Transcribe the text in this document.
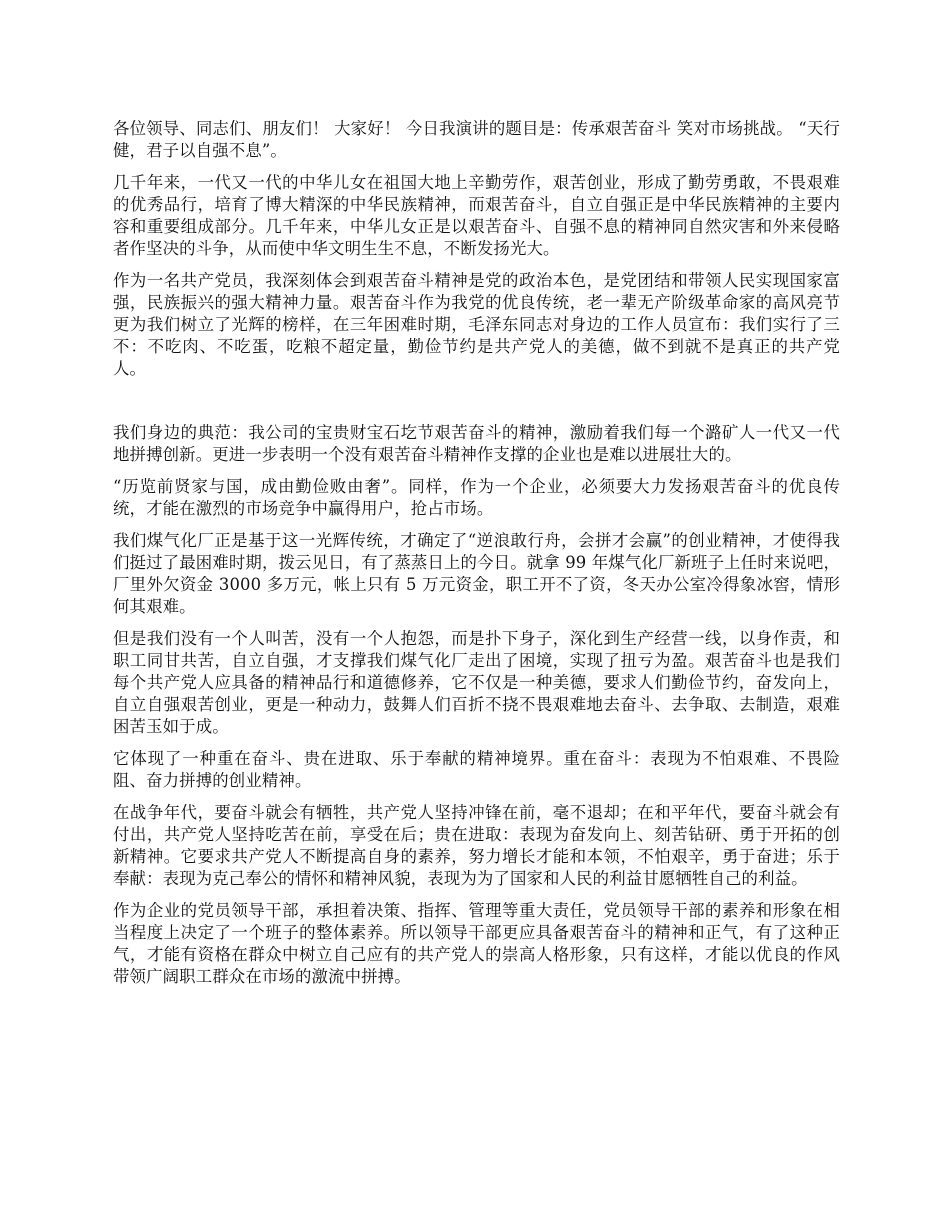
各位领导、同志们、朋友们！ 大家好！ 今日我演讲的题目是：传承艰苦奋斗 笑对市场挑战。 “天行健，君子以自强不息”。

几千年来，一代又一代的中华儿女在祖国大地上辛勤劳作，艰苦创业，形成了勤劳勇敢，不畏艰难的优秀品行，培育了博大精深的中华民族精神，而艰苦奋斗，自立自强正是中华民族精神的主要内容和重要组成部分。几千年来，中华儿女正是以艰苦奋斗、自强不息的精神同自然灾害和外来侵略者作坚决的斗争，从而使中华文明生生不息，不断发扬光大。

作为一名共产党员，我深刻体会到艰苦奋斗精神是党的政治本色，是党团结和带领人民实现国家富强，民族振兴的强大精神力量。艰苦奋斗作为我党的优良传统，老一辈无产阶级革命家的高风亮节更为我们树立了光辉的榜样，在三年困难时期，毛泽东同志对身边的工作人员宣布：我们实行了三不：不吃肉、不吃蛋，吃粮不超定量，勤俭节约是共产党人的美德，做不到就不是真正的共产党人。

我们身边的典范：我公司的宝贵财宝石圪节艰苦奋斗的精神，激励着我们每一个潞矿人一代又一代地拼搏创新。更进一步表明一个没有艰苦奋斗精神作支撑的企业也是难以进展壮大的。

“历览前贤家与国，成由勤俭败由奢”。同样，作为一个企业，必须要大力发扬艰苦奋斗的优良传统，才能在激烈的市场竞争中赢得用户，抢占市场。

我们煤气化厂正是基于这一光辉传统，才确定了“逆浪敢行舟，会拼才会赢”的创业精神，才使得我们挺过了最困难时期，拨云见日，有了蒸蒸日上的今日。就拿 99 年煤气化厂新班子上任时来说吧，厂里外欠资金 3000 多万元，帐上只有 5 万元资金，职工开不了资，冬天办公室冷得象冰窖，情形何其艰难。

但是我们没有一个人叫苦，没有一个人抱怨，而是扑下身子，深化到生产经营一线，以身作责，和职工同甘共苦，自立自强，才支撑我们煤气化厂走出了困境，实现了扭亏为盈。艰苦奋斗也是我们每个共产党人应具备的精神品行和道德修养，它不仅是一种美德，要求人们勤俭节约，奋发向上，自立自强艰苦创业，更是一种动力，鼓舞人们百折不挠不畏艰难地去奋斗、去争取、去制造，艰难困苦玉如于成。

它体现了一种重在奋斗、贵在进取、乐于奉献的精神境界。重在奋斗：表现为不怕艰难、不畏险阻、奋力拼搏的创业精神。

在战争年代，要奋斗就会有牺牲，共产党人坚持冲锋在前，毫不退却；在和平年代，要奋斗就会有付出，共产党人坚持吃苦在前，享受在后；贵在进取：表现为奋发向上、刻苦钻研、勇于开拓的创新精神。它要求共产党人不断提高自身的素养，努力增长才能和本领，不怕艰辛，勇于奋进；乐于奉献：表现为克己奉公的情怀和精神风貌，表现为为了国家和人民的利益甘愿牺牲自己的利益。

作为企业的党员领导干部，承担着决策、指挥、管理等重大责任，党员领导干部的素养和形象在相当程度上决定了一个班子的整体素养。所以领导干部更应具备艰苦奋斗的精神和正气，有了这种正气，才能有资格在群众中树立自己应有的共产党人的崇高人格形象，只有这样，才能以优良的作风带领广阔职工群众在市场的激流中拼搏。
